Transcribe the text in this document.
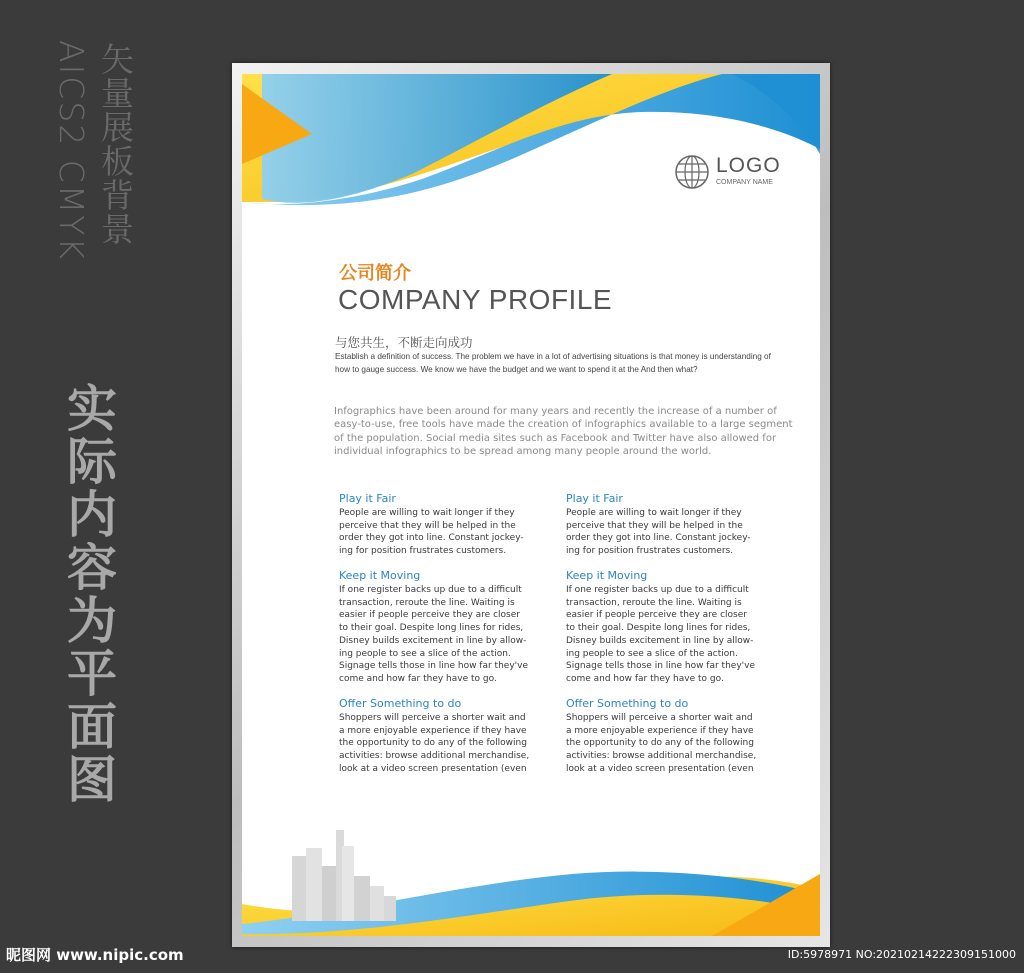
矢量展板背景
AICS2 CMYK
实际内容为平面图
LOGO
COMPANY NAME
公司简介
COMPANY PROFILE
与您共生，不断走向成功
Establish a definition of success. The problem we have in a lot of advertising situations is that money is understanding of how to gauge success. We know we have the budget and we want to spend it at the And then what?
Infographics have been around for many years and recently the increase of a number of easy-to-use, free tools have made the creation of infographics available to a large segment of the population. Social media sites such as Facebook and Twitter have also allowed for individual infographics to be spread among many people around the world.
Play it Fair

People are willing to wait longer if they
perceive that they will be helped in the
order they got into line. Constant jockey-
ing for position frustrates customers.

Keep it Moving

If one register backs up due to a difficult
transaction, reroute the line. Waiting is
easier if people perceive they are closer
to their goal. Despite long lines for rides,
Disney builds excitement in line by allow-
ing people to see a slice of the action.
Signage tells those in line how far they've
come and how far they have to go.

Offer Something to do

Shoppers will perceive a shorter wait and
a more enjoyable experience if they have
the opportunity to do any of the following
activities: browse additional merchandise,
look at a video screen presentation (even

Play it Fair

People are willing to wait longer if they
perceive that they will be helped in the
order they got into line. Constant jockey-
ing for position frustrates customers.

Keep it Moving

If one register backs up due to a difficult
transaction, reroute the line. Waiting is
easier if people perceive they are closer
to their goal. Despite long lines for rides,
Disney builds excitement in line by allow-
ing people to see a slice of the action.
Signage tells those in line how far they've
come and how far they have to go.

Offer Something to do

Shoppers will perceive a shorter wait and
a more enjoyable experience if they have
the opportunity to do any of the following
activities: browse additional merchandise,
look at a video screen presentation (even

昵图网 www.nipic.com	ID:5978971 NO:20210214222309151000
